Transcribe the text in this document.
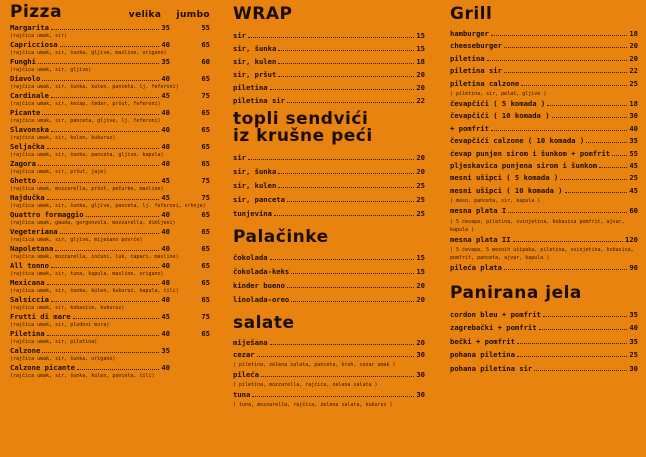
Pizza	velika jumbo
Margarita	35	55
(rajčica umak, sir)
Capricciosa	40	65
(rajčica umak, sir, šunka, gljive, masline, origano)
Funghi	35	60
(rajčica umak, sir, gljive)
Diavolo	40	65
(rajčica umak, sir, šunka, kulen, panceta, lj. feferoni)
Cardinale	45	75
(rajčica umak, sir, kečap, čedar, pršut, feferoni)
Picante	40	65
(rajčica umak, sir, panceta, gljive, lj. feferoni)
Slavonska	40	65
(rajčica umak, sir, kulen, kukuruz)
Seljačka	40	65
(rajčica umak, sir, šunka, panceta, gljive, kapula)
Zagora	40	65
(rajčica umak, sir, pršut, jaje)
Ghetto	45	75
(rajčica umak, mozzarella, pršut, pečurke, masline)
Hajdučka	45	75
(rajčica umak, sir, šunka, gljive, panceta, lj. feferoni, vrhnje)
Quattro formaggio	40	65
(rajčica umak, gauda, gorgonzola, mozzarella, dimljeni)
Vegeteriana	40	65
(rajčica umak, sir, gljive, miješano povrće)
Napoletana	40	65
(rajčica umak, mozzarella, inćuni, luk, capari, masline)
All tonno	40	65
(rajčica umak, sir, tuna, kapula, masline, origano)
Mexicana	40	65
(rajčica umak, sir, šunka, kulen, kukuruz, kapula, čili)
Salsiccia	40	65
(rajčica umak, sir, kobasice, kukuruz)
Frutti di mare	45	75
(rajčica umak, sir, plodovi mora)
Piletina	40	65
(rajčica umak, sir, piletina)
Calzone	35
(rajčica umak, sir, šunka, origano)
Calzone picante	40
(rajčica umak, sir, šunka, kulen, panceta, čili)
WRAP
sir	15
sir, šunka	15
sir, kulen	18
sir, pršut	20
piletina	20
piletina sir	22
topli sendvići
iz krušne peći
sir	20
sir, šunka	20
sir, kulen	25
sir, panceta	25
tunjevina	25
Palačinke
čokolada	15
čokolada-keks	15
kinder bueno	20
linolada-oreo	20
salate
miješana	20
cezar	30
( piletina, zelena salata, panceta, kruh, cezar umak )
pileća	30
( piletina, mozzarella, rajčica, zelena salata )
tuna	30
( tuna, mozzarella, rajčica, zelena salata, kukuruz )
Grill
hamburger	18
cheeseburger	20
piletina	20
piletina sir	22
piletina calzone	25
( piletina, sir, pelat, gljive )
čevapčići ( 5 komada )	18
čevapčići ( 10 komada )	30
+ pomfrit	40
čevapčići calzone ( 10 komada )	35
ćevap punjen sirom i šunkom + pomfrit	55
pljeskavica punjena sirom i šunkom	45
mesni ušipci ( 5 komada )	25
mesni ušipci ( 10 komada )	45
( meso, panceta, sir, kapula )
mesna plata I	60
( 5 ćevapa, piletina, svinjetina, kobasica pomfrit, ajvar, kapula )
mesna plata II	120
( 5 ćevapa, 5 mesnih ušipaka, piletina, svinjetina, kobasica, pomfrit, panceta, ajvar, kapula )
pileća plata	90
Panirana jela
cordon bleu + pomfrit	35
zagrebački + pomfrit	40
bečki + pomfrit	35
pohana piletina	25
pohana piletina sir	30
